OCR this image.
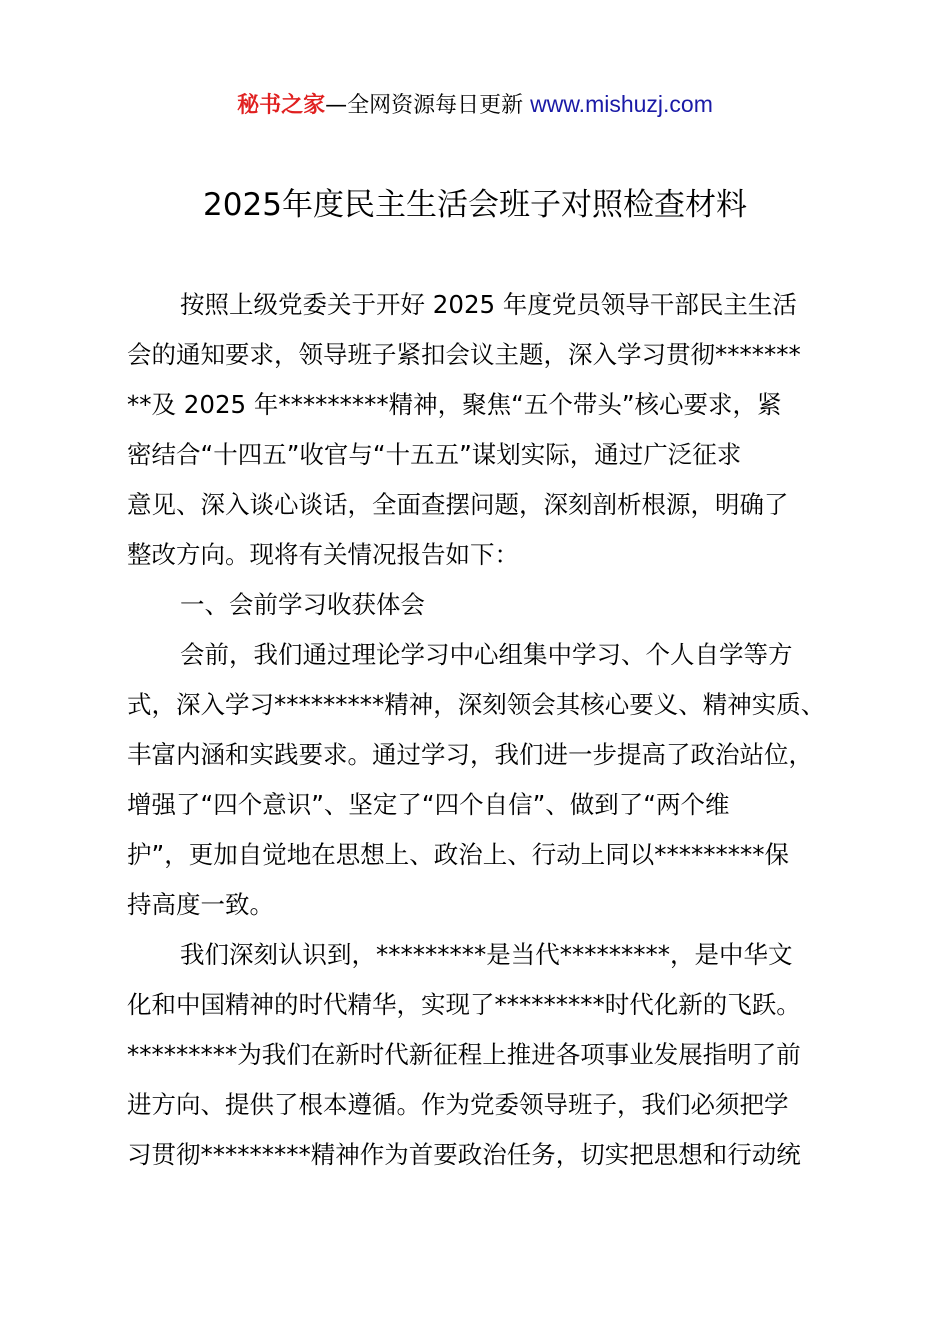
秘书之家—全网资源每日更新 www.mishuzj.com
2025年度民主生活会班子对照检查材料
按照上级党委关于开好 2025 年度党员领导干部民主生活
会的通知要求，领导班子紧扣会议主题，深入学习贯彻*******
**及 2025 年*********精神，聚焦“五个带头”核心要求，紧
密结合“十四五”收官与“十五五”谋划实际，通过广泛征求
意见、深入谈心谈话，全面查摆问题，深刻剖析根源，明确了
整改方向。现将有关情况报告如下：
一、会前学习收获体会
会前，我们通过理论学习中心组集中学习、个人自学等方
式，深入学习*********精神，深刻领会其核心要义、精神实质、
丰富内涵和实践要求。通过学习，我们进一步提高了政治站位，
增强了“四个意识”、坚定了“四个自信”、做到了“两个维
护”，更加自觉地在思想上、政治上、行动上同以*********保
持高度一致。
我们深刻认识到，*********是当代*********，是中华文
化和中国精神的时代精华，实现了*********时代化新的飞跃。
*********为我们在新时代新征程上推进各项事业发展指明了前
进方向、提供了根本遵循。作为党委领导班子，我们必须把学
习贯彻*********精神作为首要政治任务，切实把思想和行动统
